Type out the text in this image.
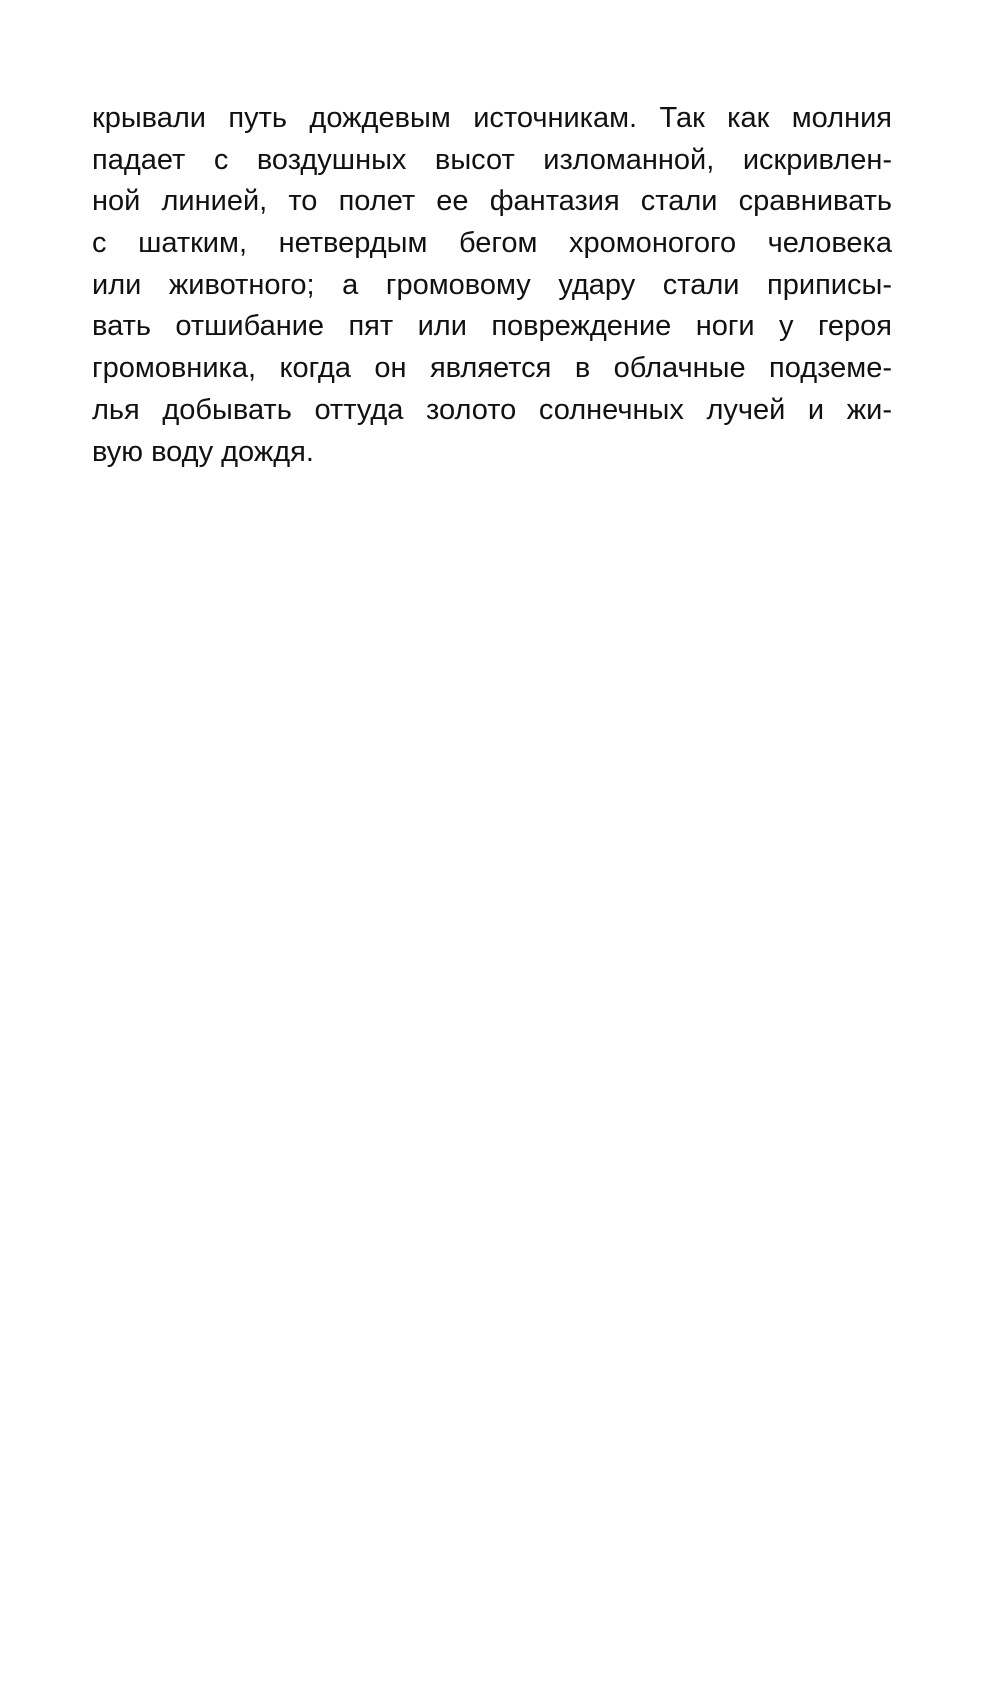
крывали путь дождевым источникам. Так как молния
падает с воздушных высот изломанной, искривлен-
ной линией, то полет ее фантазия стали сравнивать
с шатким, нетвердым бегом хромоногого человека
или животного; а громовому удару стали приписы-
вать отшибание пят или повреждение ноги у героя
громовника, когда он является в облачные подземе-
лья добывать оттуда золото солнечных лучей и жи-
вую воду дождя.
